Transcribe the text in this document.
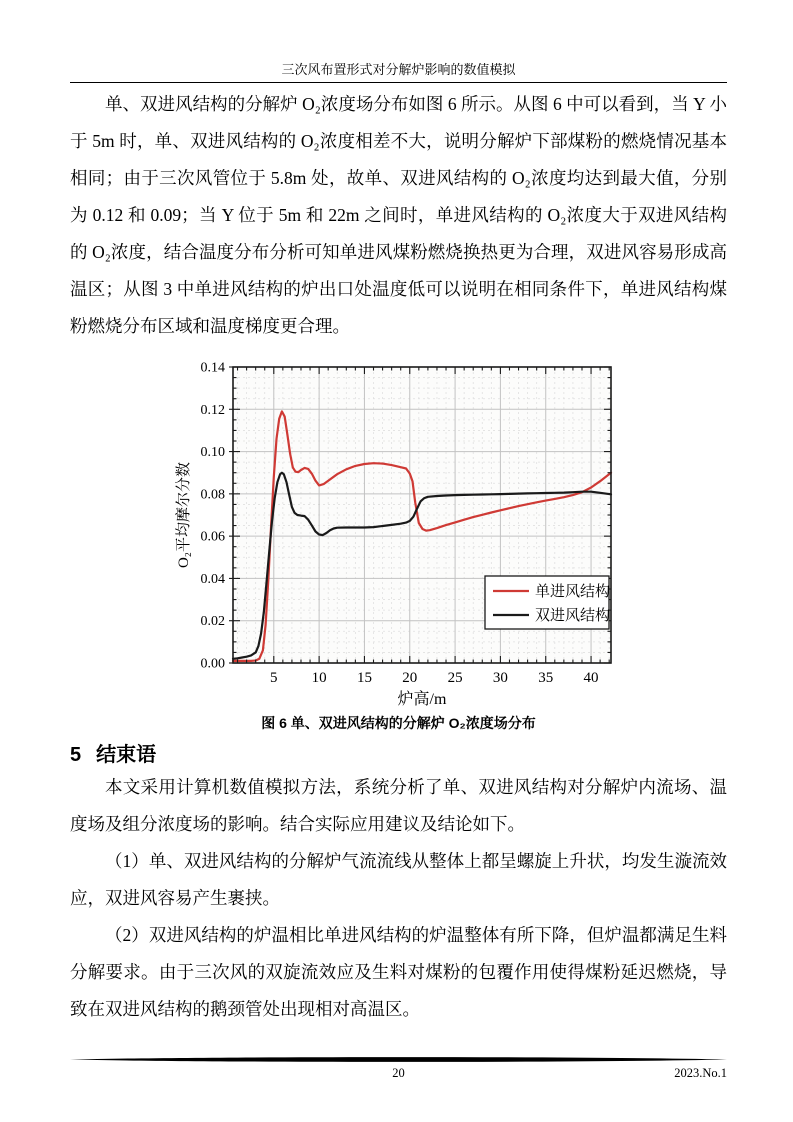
三次风布置形式对分解炉影响的数值模拟

单、双进风结构的分解炉 O₂浓度场分布如图 6 所示。从图 6 中可以看到，当 Y 小于 5m 时，单、双进风结构的 O₂浓度相差不大，说明分解炉下部煤粉的燃烧情况基本相同；由于三次风管位于 5.8m 处，故单、双进风结构的 O₂浓度均达到最大值，分别为 0.12 和 0.09；当 Y 位于 5m 和 22m 之间时，单进风结构的 O₂浓度大于双进风结构的 O₂浓度，结合温度分布分析可知单进风煤粉燃烧换热更为合理，双进风容易形成高温区；从图 3 中单进风结构的炉出口处温度低可以说明在相同条件下，单进风结构煤粉燃烧分布区域和温度梯度更合理。

5 10 15 20 25 30 35 40
0.00
0.02
0.04
0.06
0.08
0.10
0.12
0.14
炉高/m
O₂平均摩尔分数
单进风结构
双进风结构

图 6 单、双进风结构的分解炉 O₂浓度场分布

5 结束语

本文采用计算机数值模拟方法，系统分析了单、双进风结构对分解炉内流场、温度场及组分浓度场的影响。结合实际应用建议及结论如下。

（1）单、双进风结构的分解炉气流流线从整体上都呈螺旋上升状，均发生漩流效应，双进风容易产生裹挟。

（2）双进风结构的炉温相比单进风结构的炉温整体有所下降，但炉温都满足生料分解要求。由于三次风的双旋流效应及生料对煤粉的包覆作用使得煤粉延迟燃烧，导致在双进风结构的鹅颈管处出现相对高温区。

20	2023.No.1
